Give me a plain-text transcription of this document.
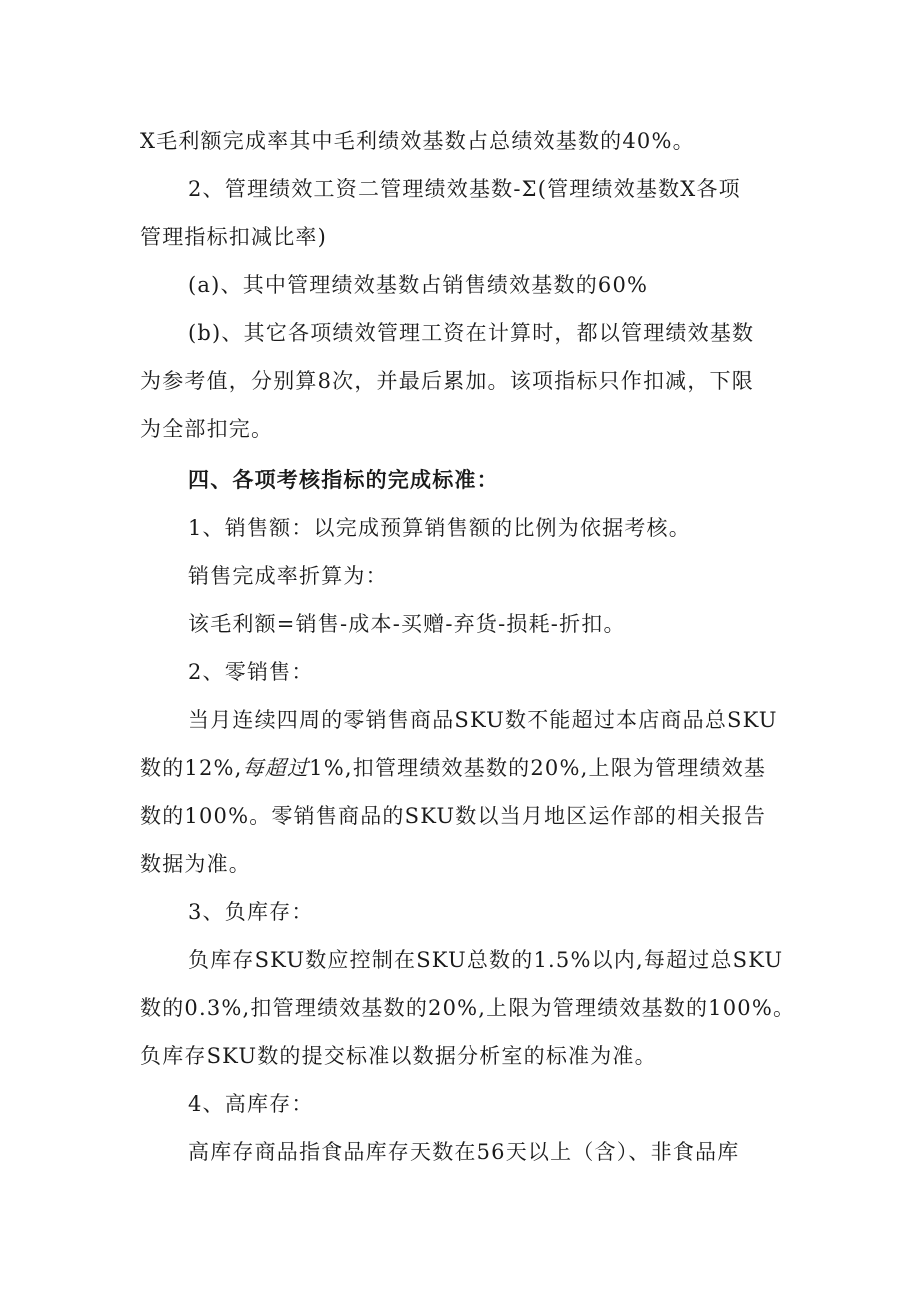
X毛利额完成率其中毛利绩效基数占总绩效基数的40%。
2、管理绩效工资二管理绩效基数-Σ(管理绩效基数X各项
管理指标扣减比率)
(a)、其中管理绩效基数占销售绩效基数的60%
(b)、其它各项绩效管理工资在计算时，都以管理绩效基数
为参考值，分别算8次，并最后累加。该项指标只作扣减，下限
为全部扣完。
四、各项考核指标的完成标准：
1、销售额：以完成预算销售额的比例为依据考核。
销售完成率折算为：
该毛利额=销售-成本-买赠-弃货-损耗-折扣。
2、零销售：
当月连续四周的零销售商品SKU数不能超过本店商品总SKU
数的12%,每超过1%,扣管理绩效基数的20%,上限为管理绩效基
数的100%。零销售商品的SKU数以当月地区运作部的相关报告
数据为准。
3、负库存：
负库存SKU数应控制在SKU总数的1.5%以内,每超过总SKU
数的0.3%,扣管理绩效基数的20%,上限为管理绩效基数的100%。
负库存SKU数的提交标准以数据分析室的标准为准。
4、高库存：
高库存商品指食品库存天数在56天以上（含）、非食品库
